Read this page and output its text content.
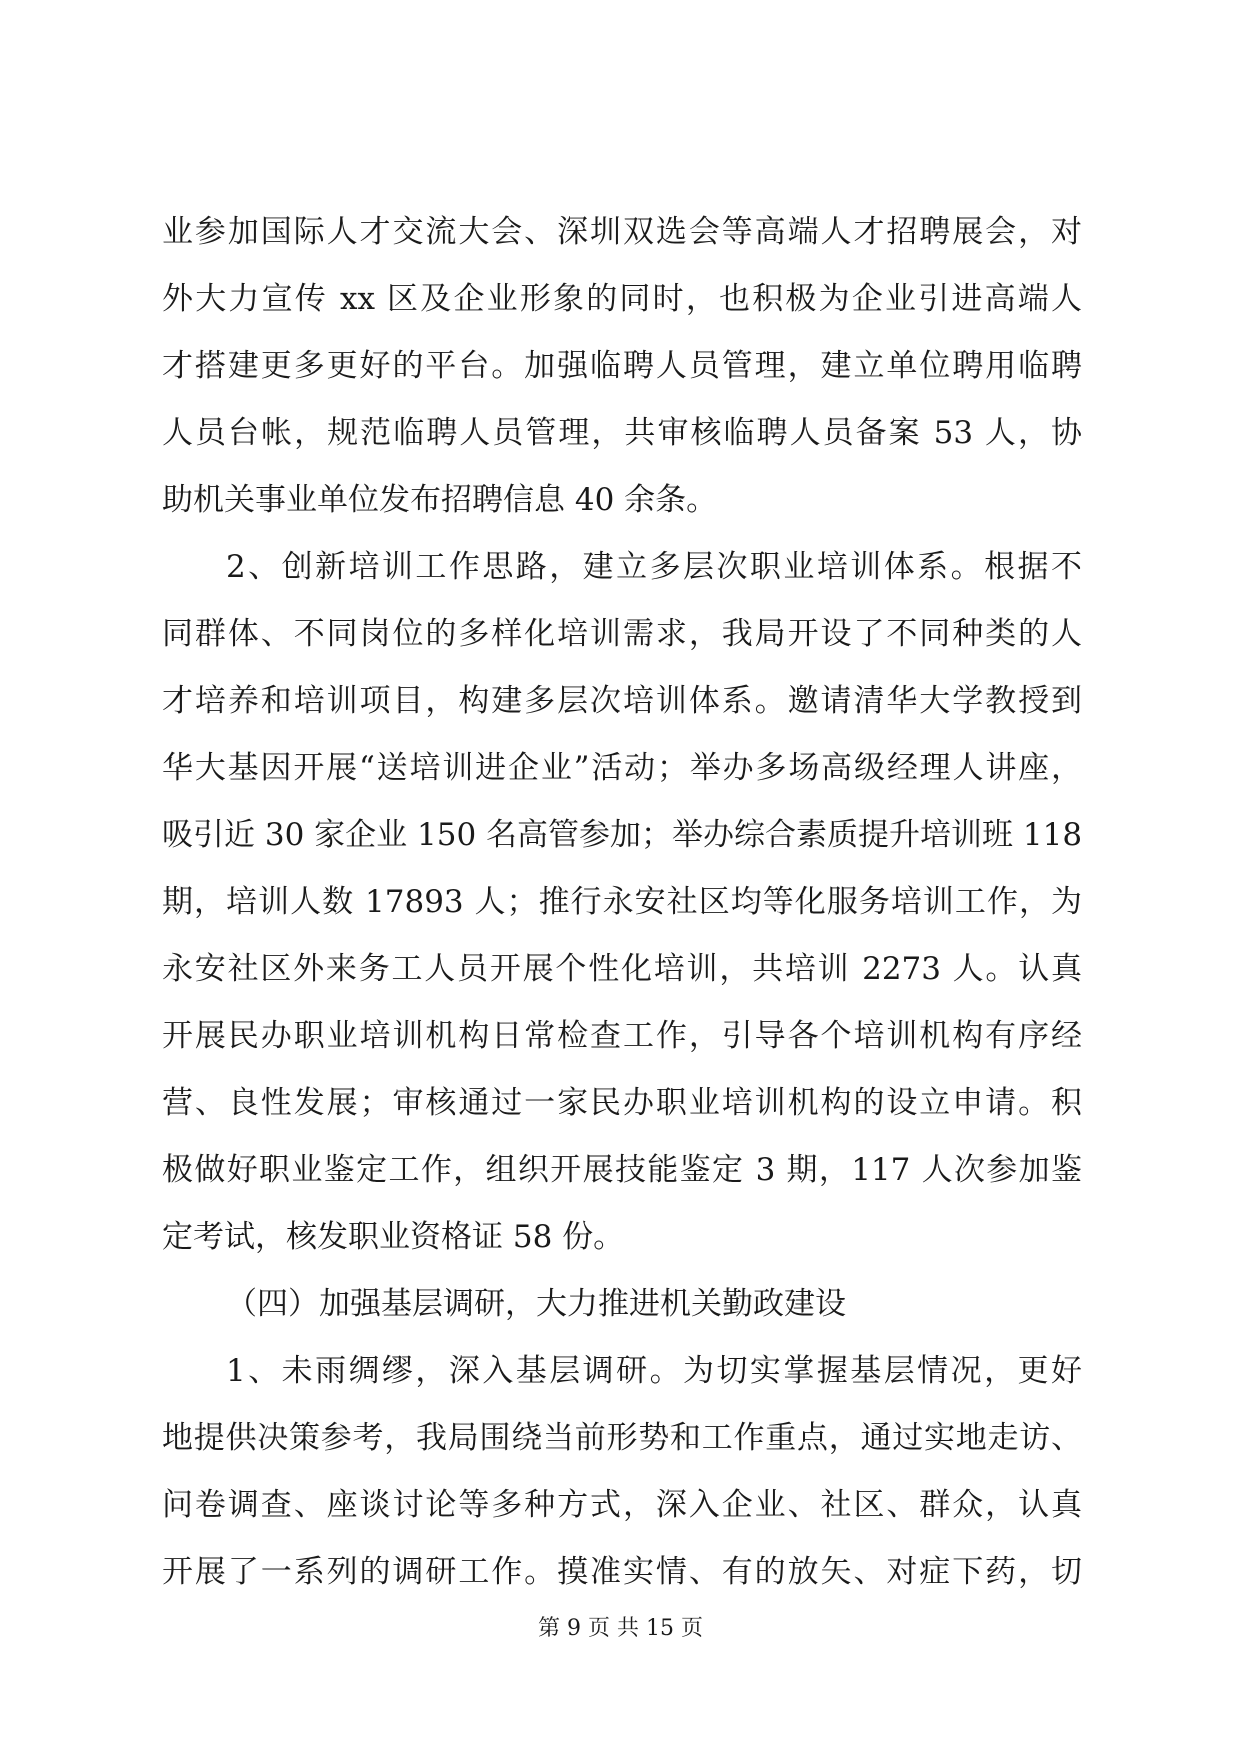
业参加国际人才交流大会、深圳双选会等高端人才招聘展会，对
外大力宣传 xx 区及企业形象的同时，也积极为企业引进高端人
才搭建更多更好的平台。加强临聘人员管理，建立单位聘用临聘
人员台帐，规范临聘人员管理，共审核临聘人员备案 53 人，协
助机关事业单位发布招聘信息 40 余条。
2、创新培训工作思路，建立多层次职业培训体系。根据不
同群体、不同岗位的多样化培训需求，我局开设了不同种类的人
才培养和培训项目，构建多层次培训体系。邀请清华大学教授到
华大基因开展“送培训进企业”活动；举办多场高级经理人讲座，
吸引近 30 家企业 150 名高管参加；举办综合素质提升培训班 118
期，培训人数 17893 人；推行永安社区均等化服务培训工作，为
永安社区外来务工人员开展个性化培训，共培训 2273 人。认真
开展民办职业培训机构日常检查工作，引导各个培训机构有序经
营、良性发展；审核通过一家民办职业培训机构的设立申请。积
极做好职业鉴定工作，组织开展技能鉴定 3 期，117 人次参加鉴
定考试，核发职业资格证 58 份。
（四）加强基层调研，大力推进机关勤政建设
1、未雨绸缪，深入基层调研。为切实掌握基层情况，更好
地提供决策参考，我局围绕当前形势和工作重点，通过实地走访、
问卷调查、座谈讨论等多种方式，深入企业、社区、群众，认真
开展了一系列的调研工作。摸准实情、有的放矢、对症下药，切
第 9 页 共 15 页
